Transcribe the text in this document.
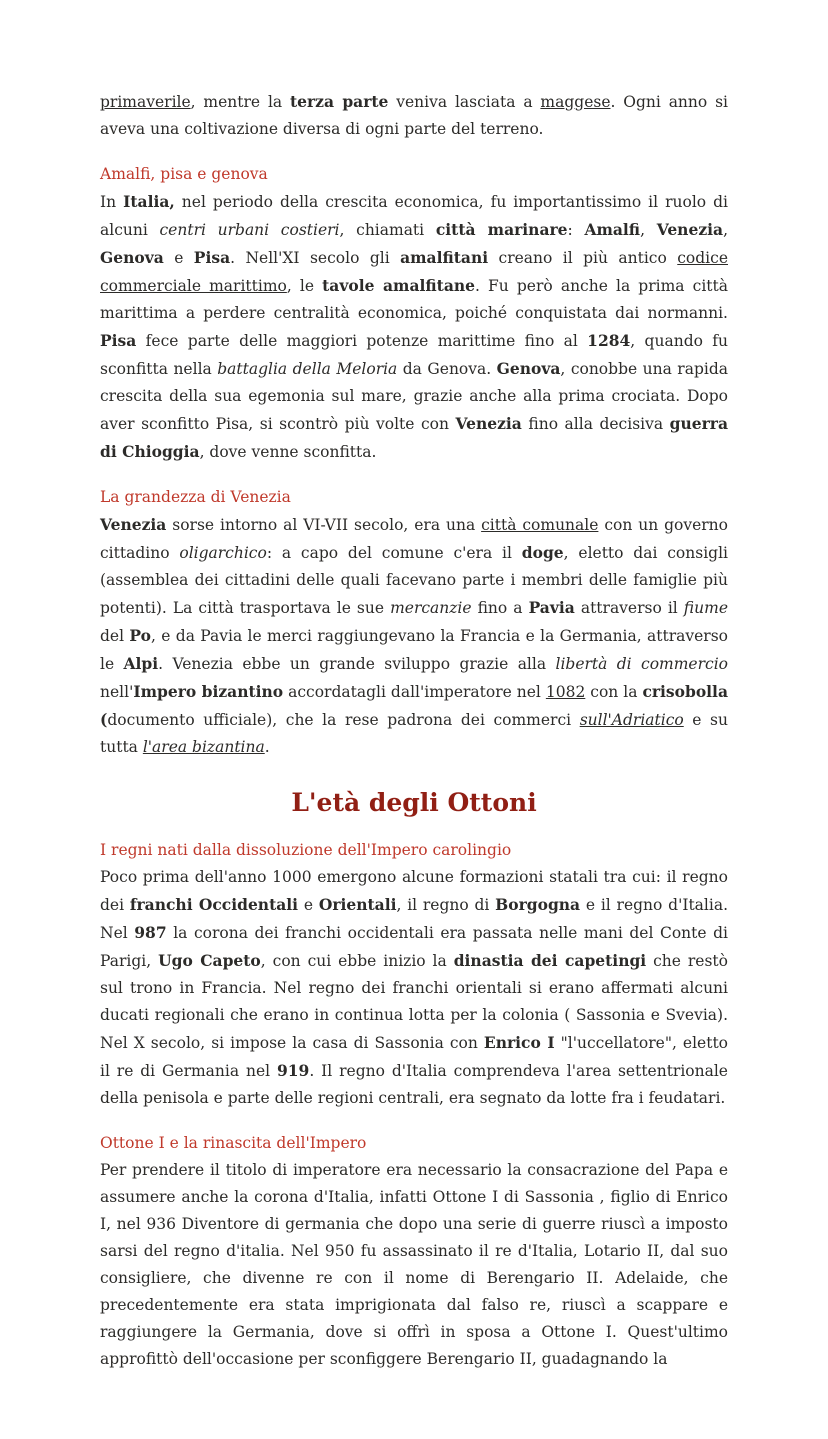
primaverile, mentre la terza parte veniva lasciata a maggese. Ogni anno si aveva una coltivazione diversa di ogni parte del terreno.

Amalfi, pisa e genova

In Italia, nel periodo della crescita economica, fu importantissimo il ruolo di alcuni centri urbani costieri, chiamati città marinare: Amalfi, Venezia, Genova e Pisa. Nell'XI secolo gli amalfitani creano il più antico codice commerciale marittimo, le tavole amalfitane. Fu però anche la prima città marittima a perdere centralità economica, poiché conquistata dai normanni. Pisa fece parte delle maggiori potenze marittime fino al 1284, quando fu sconfitta nella battaglia della Meloria da Genova. Genova, conobbe una rapida crescita della sua egemonia sul mare, grazie anche alla prima crociata. Dopo aver sconfitto Pisa, si scontrò più volte con Venezia fino alla decisiva guerra di Chioggia, dove venne sconfitta.

La grandezza di Venezia

Venezia sorse intorno al VI-VII secolo, era una città comunale con un governo cittadino oligarchico: a capo del comune c'era il doge, eletto dai consigli (assemblea dei cittadini delle quali facevano parte i membri delle famiglie più potenti). La città trasportava le sue mercanzie fino a Pavia attraverso il fiume del Po, e da Pavia le merci raggiungevano la Francia e la Germania, attraverso le Alpi. Venezia ebbe un grande sviluppo grazie alla libertà di commercio nell'Impero bizantino accordatagli dall'imperatore nel 1082 con la crisobolla (documento ufficiale), che la rese padrona dei commerci sull'Adriatico e su tutta l'area bizantina.

L'età degli Ottoni
I regni nati dalla dissoluzione dell'Impero carolingio

Poco prima dell'anno 1000 emergono alcune formazioni statali tra cui: il regno dei franchi Occidentali e Orientali, il regno di Borgogna e il regno d'Italia. Nel 987 la corona dei franchi occidentali era passata nelle mani del Conte di Parigi, Ugo Capeto, con cui ebbe inizio la dinastia dei capetingi che restò sul trono in Francia. Nel regno dei franchi orientali si erano affermati alcuni ducati regionali che erano in continua lotta per la colonia ( Sassonia e Svevia). Nel X secolo, si impose la casa di Sassonia con Enrico I "l'uccellatore", eletto il re di Germania nel 919. Il regno d'Italia comprendeva l'area settentrionale della penisola e parte delle regioni centrali, era segnato da lotte fra i feudatari.

Ottone I e la rinascita dell'Impero

Per prendere il titolo di imperatore era necessario la consacrazione del Papa e assumere anche la corona d'Italia, infatti Ottone I di Sassonia , figlio di Enrico I, nel 936 Diventore di germania che dopo una serie di guerre riuscì a imposto sarsi del regno d'italia. Nel 950 fu assassinato il re d'Italia, Lotario II, dal suo consigliere, che divenne re con il nome di Berengario II. Adelaide, che precedentemente era stata imprigionata dal falso re, riuscì a scappare e raggiungere la Germania, dove si offrì in sposa a Ottone I. Quest'ultimo approfittò dell'occasione per sconfiggere Berengario II, guadagnando la
